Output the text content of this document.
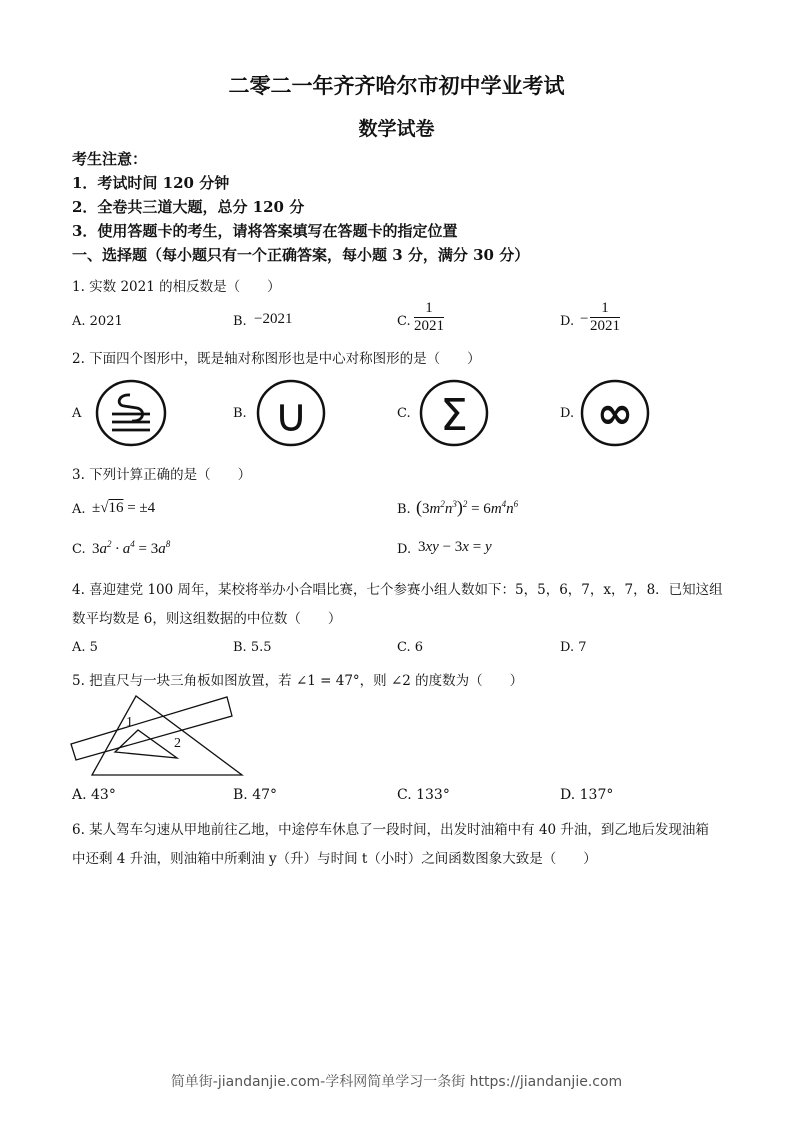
二零二一年齐齐哈尔市初中学业考试
数学试卷
考生注意：
1．考试时间 120 分钟
2．全卷共三道大题，总分 120 分
3．使用答题卡的考生，请将答案填写在答题卡的指定位置
一、选择题（每小题只有一个正确答案，每小题 3 分，满分 30 分）
1. 实数 2021 的相反数是（　　）
A. 2021	B. −2021	C. $\frac{1}{2021}$	D. − $\frac{1}{2021}$
2. 下面四个图形中，既是轴对称图形也是中心对称图形的是（　　）
A	B. ∪	C. Σ	D. ∞
3. 下列计算正确的是（　　）
A. ±√16 = ±4	B. $(3m^2n^3)^2 = 6m^4n^6$
C. $3a^2 \cdot a^4 = 3a^8$	D. 3xy − 3x = y
4. 喜迎建党 100 周年，某校将举办小合唱比赛，七个参赛小组人数如下：5，5，6，7，x，7，8．已知这组
数平均数是 6，则这组数据的中位数（　　）
A. 5	B. 5.5	C. 6	D. 7
5. 把直尺与一块三角板如图放置，若 ∠1 = 47°，则 ∠2 的度数为（　　）
1
2
A. 43°	B. 47°	C. 133°	D. 137°
6. 某人驾车匀速从甲地前往乙地，中途停车休息了一段时间，出发时油箱中有 40 升油，到乙地后发现油箱
中还剩 4 升油，则油箱中所剩油 y（升）与时间 t（小时）之间函数图象大致是（　　）
简单街-jiandanjie.com-学科网简单学习一条街 https://jiandanjie.com
